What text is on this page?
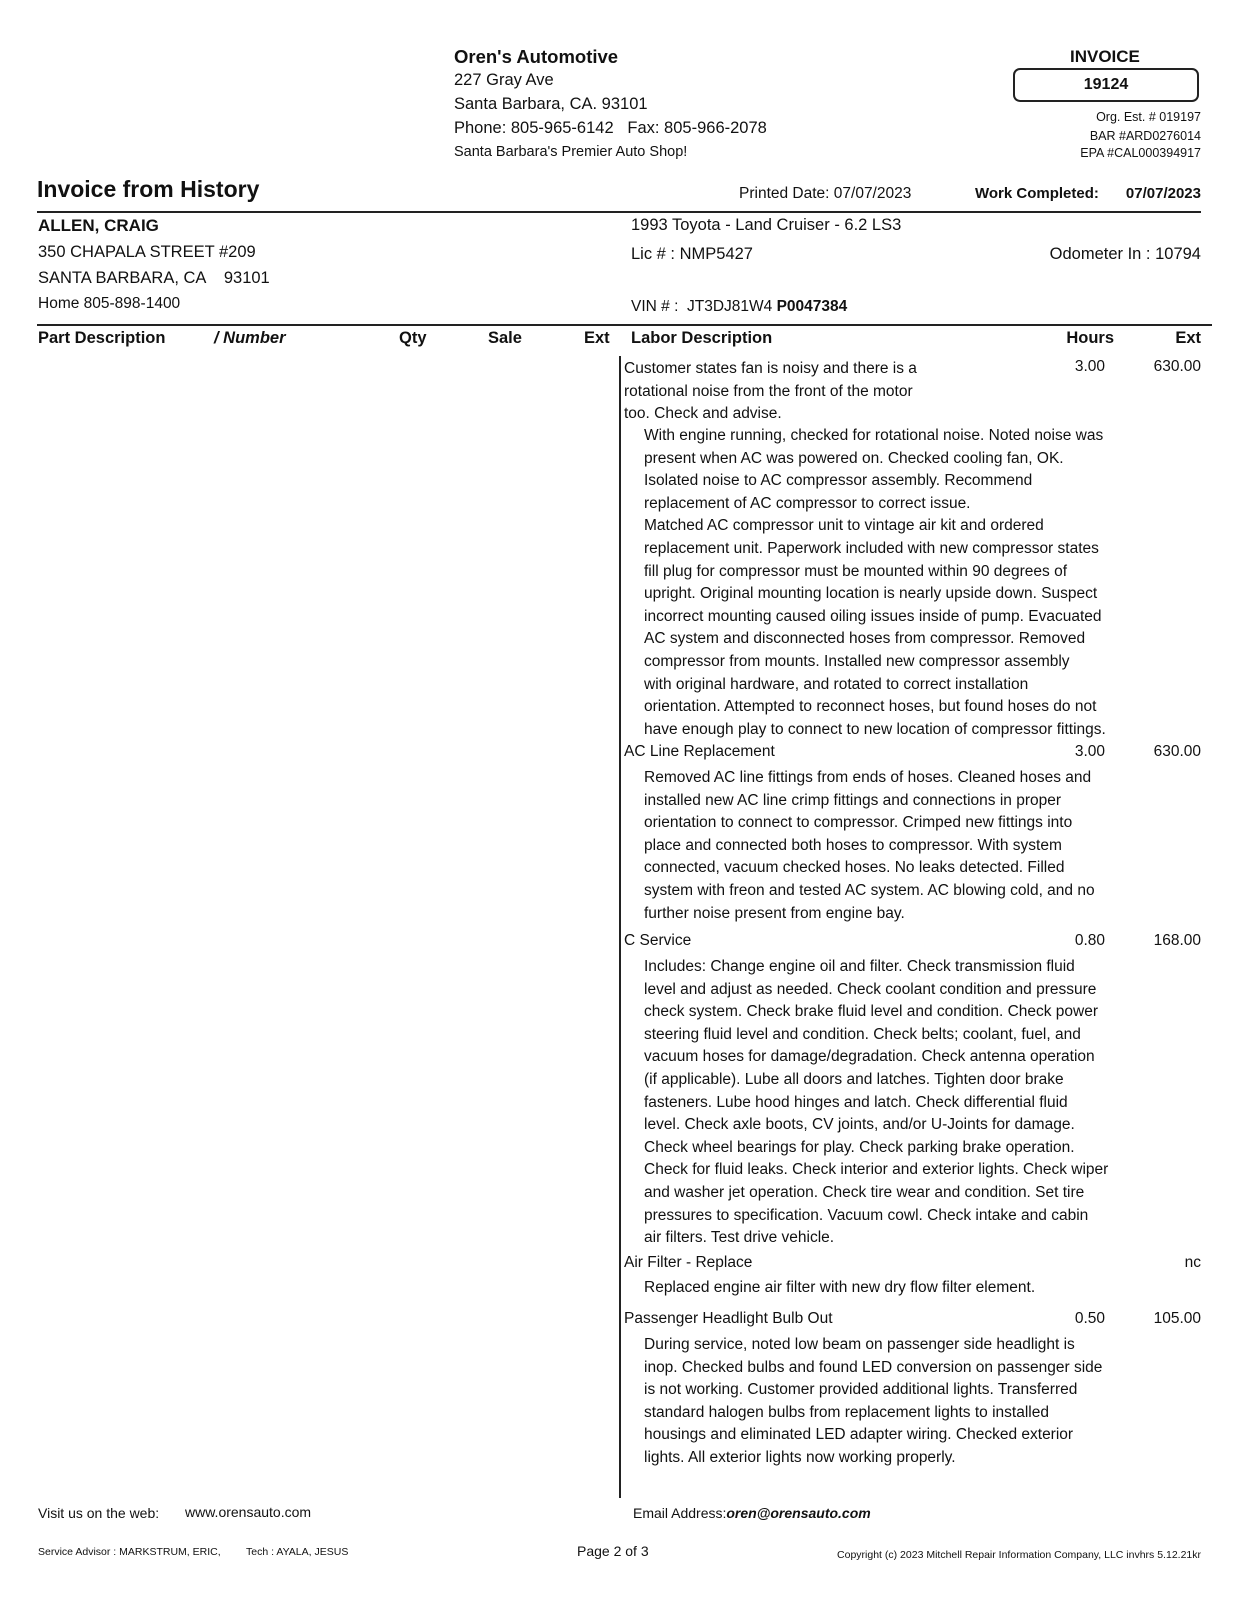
Oren's Automotive
227 Gray Ave
Santa Barbara, CA. 93101
Phone: 805-965-6142   Fax: 805-966-2078
Santa Barbara's Premier Auto Shop!
INVOICE
19124
Org. Est. # 019197
BAR #ARD0276014
EPA #CAL000394917
Invoice from History	Printed Date: 07/07/2023	Work Completed: 07/07/2023
ALLEN, CRAIG
350 CHAPALA STREET #209
SANTA BARBARA, CA    93101
Home 805-898-1400
1993 Toyota - Land Cruiser - 6.2 LS3
Lic # : NMP5427	Odometer In : 10794
VIN # :  JT3DJ81W4 P0047384
Part Description	/ Number	Qty	Sale	Ext Labor Description	Hours	Ext
Customer states fan is noisy and there is a
rotational noise from the front of the motor
too. Check and advise.
3.00	630.00
With engine running, checked for rotational noise. Noted noise was
present when AC was powered on. Checked cooling fan, OK.
Isolated noise to AC compressor assembly. Recommend
replacement of AC compressor to correct issue.
Matched AC compressor unit to vintage air kit and ordered
replacement unit. Paperwork included with new compressor states
fill plug for compressor must be mounted within 90 degrees of
upright. Original mounting location is nearly upside down. Suspect
incorrect mounting caused oiling issues inside of pump. Evacuated
AC system and disconnected hoses from compressor. Removed
compressor from mounts. Installed new compressor assembly
with original hardware, and rotated to correct installation
orientation. Attempted to reconnect hoses, but found hoses do not
have enough play to connect to new location of compressor fittings.
AC Line Replacement	3.00	630.00
Removed AC line fittings from ends of hoses. Cleaned hoses and
installed new AC line crimp fittings and connections in proper
orientation to connect to compressor. Crimped new fittings into
place and connected both hoses to compressor. With system
connected, vacuum checked hoses. No leaks detected. Filled
system with freon and tested AC system. AC blowing cold, and no
further noise present from engine bay.
C Service	0.80	168.00
Includes: Change engine oil and filter. Check transmission fluid
level and adjust as needed. Check coolant condition and pressure
check system. Check brake fluid level and condition. Check power
steering fluid level and condition. Check belts; coolant, fuel, and
vacuum hoses for damage/degradation. Check antenna operation
(if applicable). Lube all doors and latches. Tighten door brake
fasteners. Lube hood hinges and latch. Check differential fluid
level. Check axle boots, CV joints, and/or U-Joints for damage.
Check wheel bearings for play. Check parking brake operation.
Check for fluid leaks. Check interior and exterior lights. Check wiper
and washer jet operation. Check tire wear and condition. Set tire
pressures to specification. Vacuum cowl. Check intake and cabin
air filters. Test drive vehicle.
Air Filter - Replace	nc
Replaced engine air filter with new dry flow filter element.
Passenger Headlight Bulb Out	0.50	105.00
During service, noted low beam on passenger side headlight is
inop. Checked bulbs and found LED conversion on passenger side
is not working. Customer provided additional lights. Transferred
standard halogen bulbs from replacement lights to installed
housings and eliminated LED adapter wiring. Checked exterior
lights. All exterior lights now working properly.
Visit us on the web: www.orensauto.com	Email Address:oren@orensauto.com
Service Advisor : MARKSTRUM, ERIC, Tech : AYALA, JESUS	Page 2 of 3	Copyright (c) 2023 Mitchell Repair Information Company, LLC invhrs 5.12.21kr
